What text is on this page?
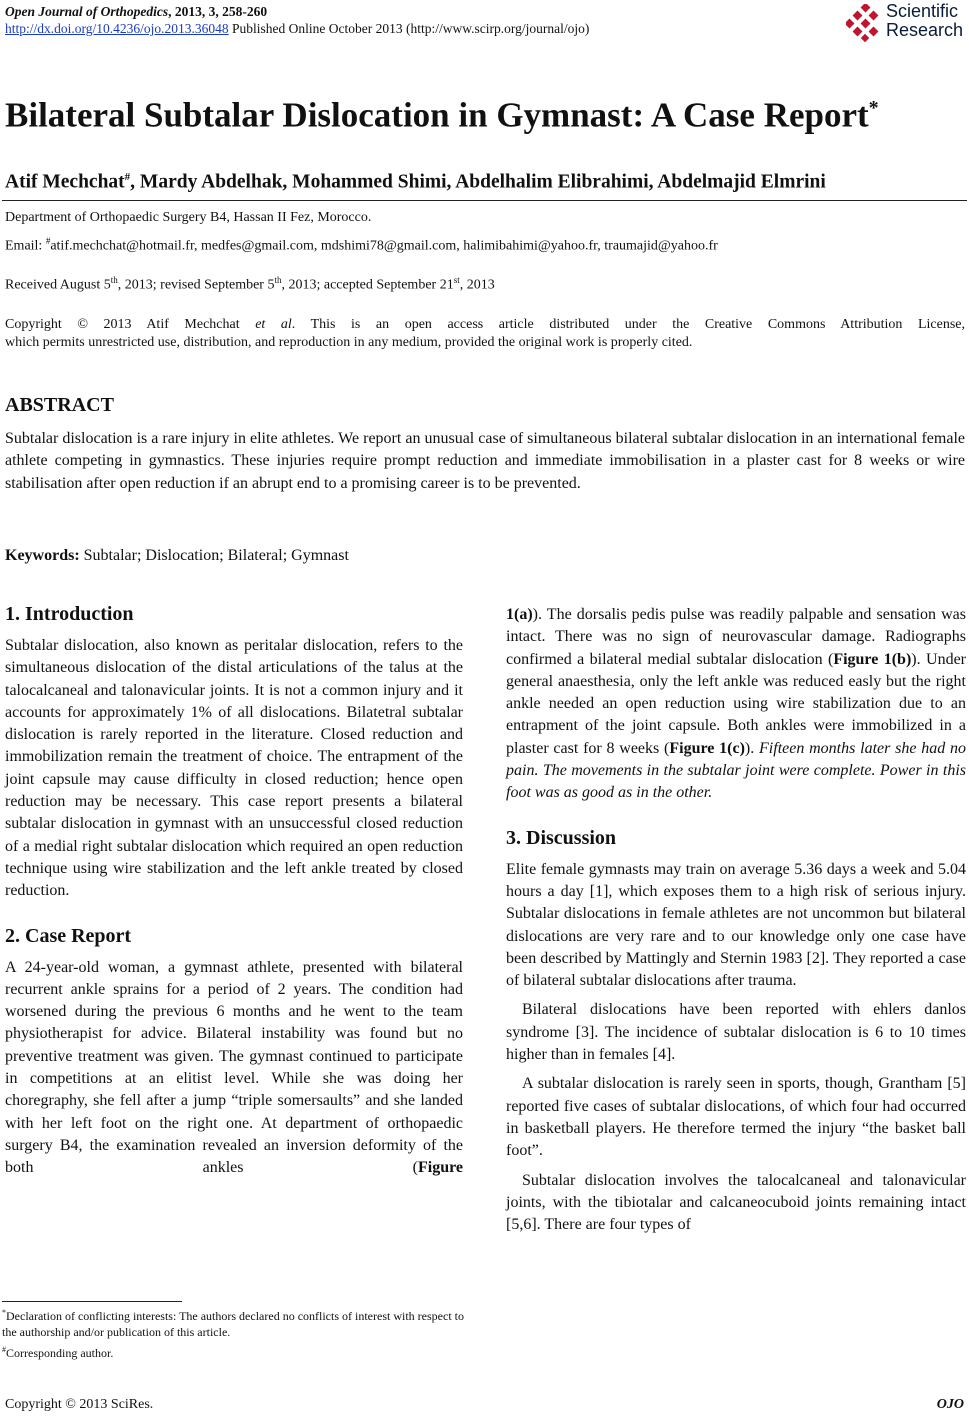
Open Journal of Orthopedics, 2013, 3, 258-260
http://dx.doi.org/10.4236/ojo.2013.36048 Published Online October 2013 (http://www.scirp.org/journal/ojo)
Scientific
Research
Bilateral Subtalar Dislocation in Gymnast: A Case Report*
Atif Mechchat#, Mardy Abdelhak, Mohammed Shimi, Abdelhalim Elibrahimi, Abdelmajid Elmrini
Department of Orthopaedic Surgery B4, Hassan II Fez, Morocco.
Email: #atif.mechchat@hotmail.fr, medfes@gmail.com, mdshimi78@gmail.com, halimibahimi@yahoo.fr, traumajid@yahoo.fr
Received August 5th, 2013; revised September 5th, 2013; accepted September 21st, 2013
Copyright © 2013 Atif Mechchat et al. This is an open access article distributed under the Creative Commons Attribution License,
which permits unrestricted use, distribution, and reproduction in any medium, provided the original work is properly cited.
ABSTRACT
Subtalar dislocation is a rare injury in elite athletes. We report an unusual case of simultaneous bilateral subtalar dislocation in an international female athlete competing in gymnastics. These injuries require prompt reduction and immediate immobilisation in a plaster cast for 8 weeks or wire stabilisation after open reduction if an abrupt end to a promising career is to be prevented.
Keywords: Subtalar; Dislocation; Bilateral; Gymnast

1. Introduction

Subtalar dislocation, also known as peritalar dislocation, refers to the simultaneous dislocation of the distal articulations of the talus at the talocalcaneal and talonavicular joints. It is not a common injury and it accounts for approximately 1% of all dislocations. Bilatetral subtalar dislocation is rarely reported in the literature. Closed reduction and immobilization remain the treatment of choice. The entrapment of the joint capsule may cause difficulty in closed reduction; hence open reduction may be necessary. This case report presents a bilateral subtalar dislocation in gymnast with an unsuccessful closed reduction of a medial right subtalar dislocation which required an open reduction technique using wire stabilization and the left ankle treated by closed reduction.

2. Case Report

A 24-year-old woman, a gymnast athlete, presented with bilateral recurrent ankle sprains for a period of 2 years. The condition had worsened during the previous 6 months and he went to the team physiotherapist for advice. Bilateral instability was found but no preventive treatment was given. The gymnast continued to participate in competitions at an elitist level. While she was doing her choregraphy, she fell after a jump “triple somersaults” and she landed with her left foot on the right one. At department of orthopaedic surgery B4, the examination revealed an inversion deformity of the both ankles (Figure

1(a)). The dorsalis pedis pulse was readily palpable and sensation was intact. There was no sign of neurovascular damage. Radiographs confirmed a bilateral medial subtalar dislocation (Figure 1(b)). Under general anaesthesia, only the left ankle was reduced easly but the right ankle needed an open reduction using wire stabilization due to an entrapment of the joint capsule. Both ankles were immobilized in a plaster cast for 8 weeks (Figure 1(c)). Fifteen months later she had no pain. The movements in the subtalar joint were complete. Power in this foot was as good as in the other.

3. Discussion

Elite female gymnasts may train on average 5.36 days a week and 5.04 hours a day [1], which exposes them to a high risk of serious injury. Subtalar dislocations in female athletes are not uncommon but bilateral dislocations are very rare and to our knowledge only one case have been described by Mattingly and Sternin 1983 [2]. They reported a case of bilateral subtalar dislocations after trauma.

Bilateral dislocations have been reported with ehlers danlos syndrome [3]. The incidence of subtalar dislocation is 6 to 10 times higher than in females [4].

A subtalar dislocation is rarely seen in sports, though, Grantham [5] reported five cases of subtalar dislocations, of which four had occurred in basketball players. He therefore termed the injury “the basket ball foot”.

Subtalar dislocation involves the talocalcaneal and talonavicular joints, with the tibiotalar and calcaneocuboid joints remaining intact [5,6]. There are four types of

*Declaration of conflicting interests: The authors declared no conflicts of interest with respect to the authorship and/or publication of this article.
#Corresponding author.
Copyright © 2013 SciRes.	OJO
